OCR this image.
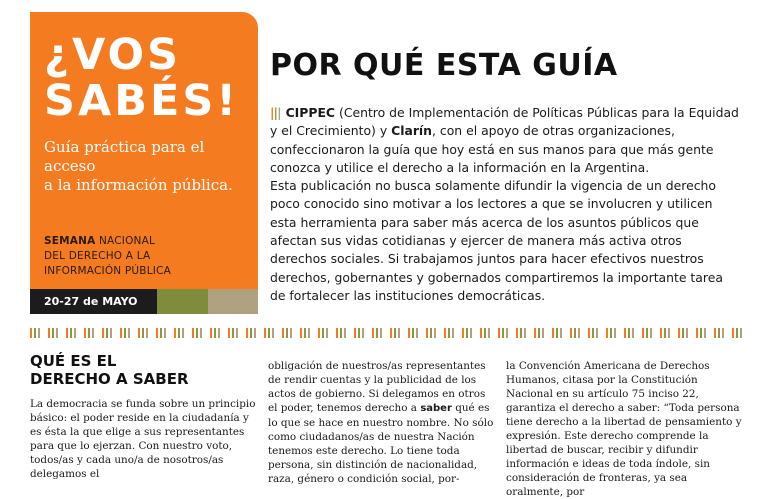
¿VOS
SABÉS!

Guía práctica para el acceso
a la información pública.

SEMANA NACIONAL
DEL DERECHO A LA
INFORMACIÓN PÚBLICA

20-27 de MAYO

POR QUÉ ESTA GUÍA

||| CIPPEC (Centro de Implementación de Políticas Públicas para la Equidad y el Crecimiento) y Clarín, con el apoyo de otras organizaciones, confeccionaron la guía que hoy está en sus manos para que más gente conozca y utilice el derecho a la información en la Argentina.
Esta publicación no busca solamente difundir la vigencia de un derecho poco conocido sino motivar a los lectores a que se involucren y utilicen esta herramienta para saber más acerca de los asuntos públicos que afectan sus vidas cotidianas y ejercer de manera más activa otros derechos sociales. Si trabajamos juntos para hacer efectivos nuestros derechos, gobernantes y gobernados compartiremos la importante tarea de fortalecer las instituciones democráticas.

QUÉ ES EL
DERECHO A SABER

La democracia se funda sobre un principio básico: el poder reside en la ciudadanía y es ésta la que elige a sus representantes para que lo ejerzan. Con nuestro voto, todos/as y cada uno/a de nosotros/as delegamos el

obligación de nuestros/as representantes de rendir cuentas y la publicidad de los actos de gobierno. Si delegamos en otros el poder, tenemos derecho a saber qué es lo que se hace en nuestro nombre. No sólo como ciudadanos/as de nuestra Nación tenemos este derecho. Lo tiene toda persona, sin distinción de nacionalidad, raza, género o condición social, por-

la Convención Americana de Derechos Humanos, citasa por la Constitución Nacional en su artículo 75 inciso 22, garantiza el derecho a saber: “Toda persona tiene derecho a la libertad de pensamiento y expresión. Este derecho comprende la libertad de buscar, recibir y difundir información e ideas de toda índole, sin consideración de fronteras, ya sea oralmente, por
